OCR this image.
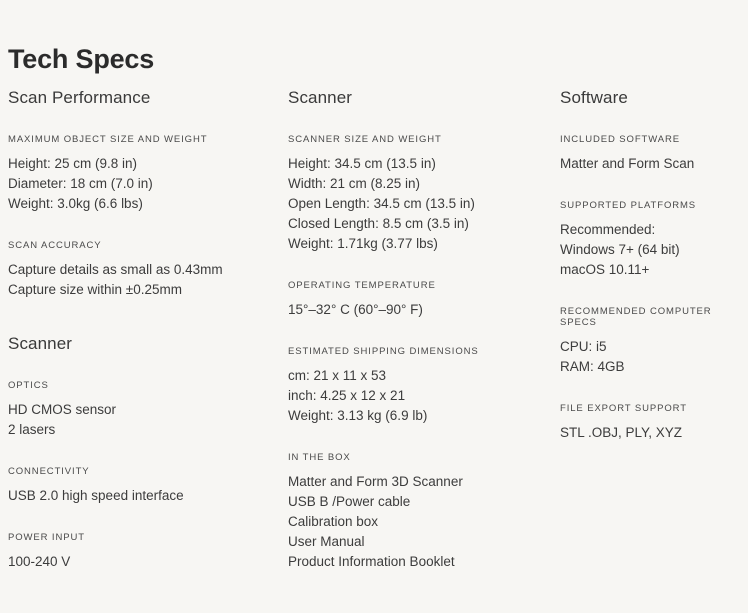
Tech Specs
Scan Performance
MAXIMUM OBJECT SIZE AND WEIGHT
Height: 25 cm (9.8 in)
Diameter: 18 cm (7.0 in)
Weight: 3.0kg (6.6 lbs)
SCAN ACCURACY
Capture details as small as 0.43mm
Capture size within ±0.25mm
Scanner
OPTICS
HD CMOS sensor
2 lasers
CONNECTIVITY
USB 2.0 high speed interface
POWER INPUT
100-240 V
Scanner
SCANNER SIZE AND WEIGHT
Height: 34.5 cm (13.5 in)
Width: 21 cm (8.25 in)
Open Length: 34.5 cm (13.5 in)
Closed Length: 8.5 cm (3.5 in)
Weight: 1.71kg (3.77 lbs)
OPERATING TEMPERATURE
15°–32° C (60°–90° F)
ESTIMATED SHIPPING DIMENSIONS
cm: 21 x 11 x 53
inch: 4.25 x 12 x 21
Weight: 3.13 kg (6.9 lb)
IN THE BOX
Matter and Form 3D Scanner
USB B /Power cable
Calibration box
User Manual
Product Information Booklet
Software
INCLUDED SOFTWARE
Matter and Form Scan
SUPPORTED PLATFORMS
Recommended:
Windows 7+ (64 bit)
macOS 10.11+
RECOMMENDED COMPUTER SPECS
CPU: i5
RAM: 4GB
FILE EXPORT SUPPORT
STL .OBJ, PLY, XYZ
